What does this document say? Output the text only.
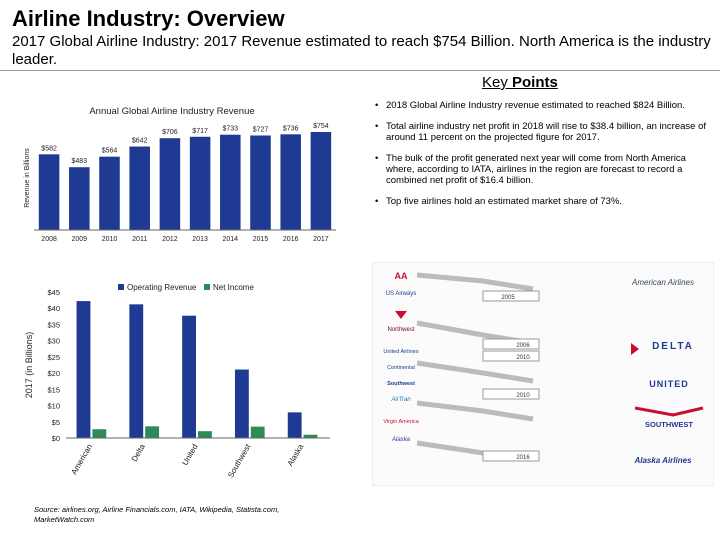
Airline Industry: Overview
2017 Global Airline Industry: 2017 Revenue estimated to reach $754 Billion. North America is the industry leader.
Key Points
Annual Global Airline Industry Revenue
Revenue in Billions $582
2008
$483
2009
$564
2010
$642
2011
$706
2012
$717
2013
$733
2014
$727
2015
$736
2016
$754
2017
2017 (in Billions)
$0
$5
$10
$15
$20
$25
$30
$35
$40
$45
Operating Revenue Net Income
American	Delta	United	Southwest	Alaska
• 2018 Global Airline Industry revenue estimated to reached $824 Billion.
• Total airline industry net profit in 2018 will rise to $38.4 billion, an increase of around 11 percent on the projected figure for 2017.
• The bulk of the profit generated next year will come from North America where, according to IATA, airlines in the region are forecast to record a combined net profit of $16.4 billion.
• Top five airlines hold an estimated market share of 73%.
2005
2006
2010
2010
2016
AA
US Airways
Northwest
United Airlines
Continental
Southwest
AirTran
Virgin America
Alaska
American Airlines
DELTA
UNITED
SOUTHWEST
Alaska Airlines
Source: airlines.org, Airline Financials.com, IATA, Wikipedia, Statista.com, MarketWatch.com
